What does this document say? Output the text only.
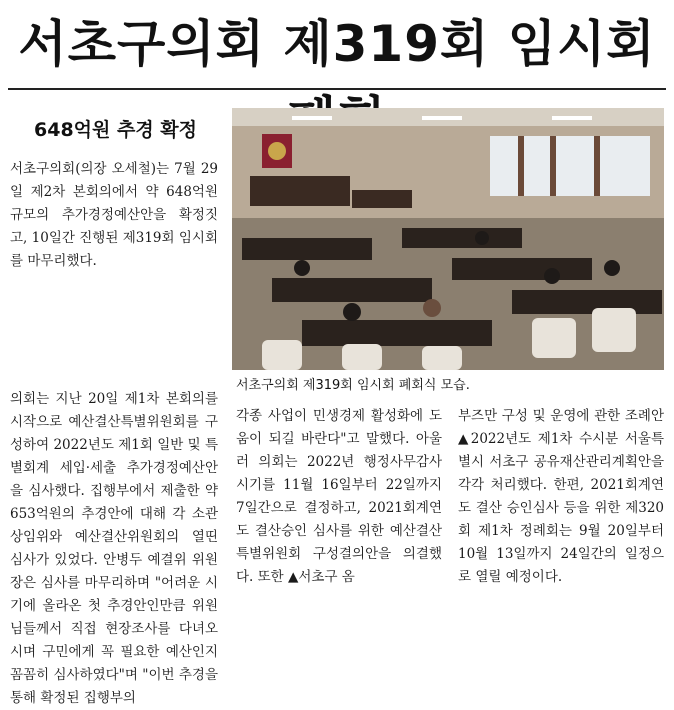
서초구의회 제319회 임시회
648억원 추경 확정
서초구의회(의장 오세철)는 7월 29일 제2차 본회의에서 약 648억원 규모의 추가경정예산안을 확정짓고, 10일간 진행된 제319회 임시회를 마무리했다.
의회는 지난 20일 제1차 본회의를 시작으로 예산결산특별위원회를 구성하여 2022년도 제1회 일반 및 특별회계 세입·세출 추가경정예산안을 심사했다. 집행부에서 제출한 약 653억원의 추경안에 대해 각 소관 상임위와 예산결산위원회의 열띤 심사가 있었다. 안병두 예결위 위원장은 심사를 마무리하며 "어려운 시기에 올라온 첫 추경안인만큼 위원님들께서 직접 현장조사를 다녀오시며 구민에게 꼭 필요한 예산인지 꼼꼼히 심사하였다"며 "이번 추경을 통해 확정된 집행부의
서초구의회 제319회 임시회 폐회식 모습.
각종 사업이 민생경제 활성화에 도움이 되길 바란다"고 말했다. 아울러 의회는 2022년 행정사무감사 시기를 11월 16일부터 22일까지 7일간으로 결정하고, 2021회계연도 결산승인 심사를 위한 예산결산특별위원회 구성결의안을 의결했다. 또한 ▲서초구 옴
부즈만 구성 및 운영에 관한 조례안 ▲2022년도 제1차 수시분 서울특별시 서초구 공유재산관리계획안을 각각 처리했다. 한편, 2021회계연도 결산 승인심사 등을 위한 제320회 제1차 정례회는 9월 20일부터 10월 13일까지 24일간의 일정으로 열릴 예정이다.
